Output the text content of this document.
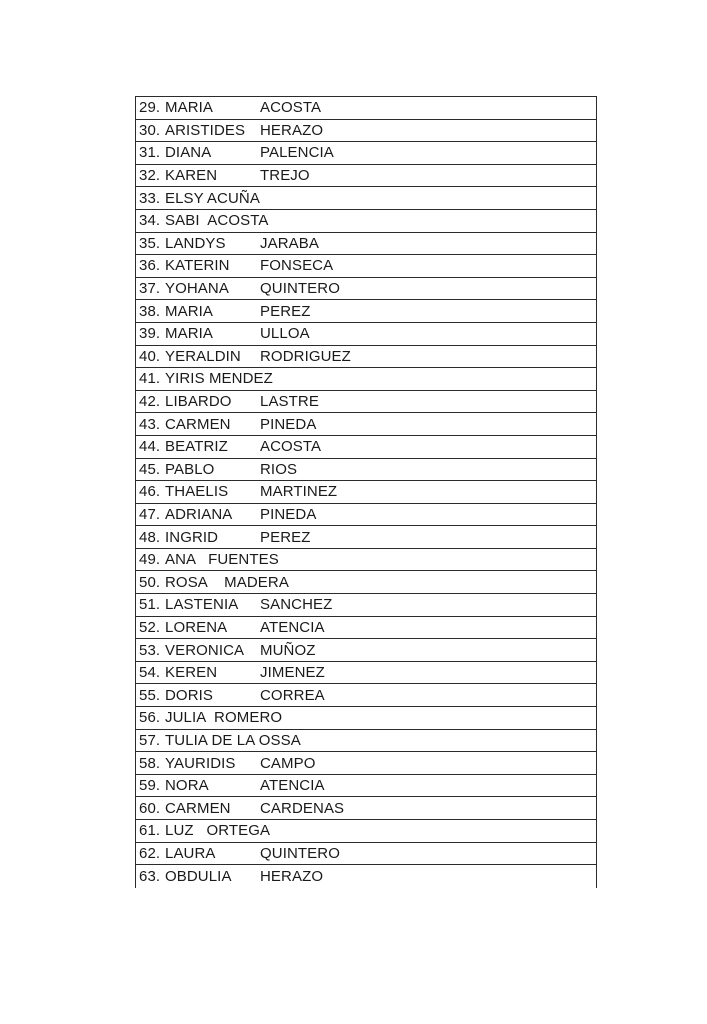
29. MARIA	ACOSTA
30. ARISTIDES HERAZO
31. DIANA	PALENCIA
32. KAREN	TREJO
33. ELSY ACUÑA
34. SABI  ACOSTA
35. LANDYS JARABA
36. KATERIN FONSECA
37. YOHANA QUINTERO
38. MARIA	PEREZ
39. MARIA	ULLOA
40. YERALDIN RODRIGUEZ
41. YIRIS MENDEZ
42. LIBARDO LASTRE
43. CARMEN PINEDA
44. BEATRIZ ACOSTA
45. PABLO	RIOS
46. THAELIS MARTINEZ
47. ADRIANA PINEDA
48. INGRID	PEREZ
49. ANA   FUENTES
50. ROSA    MADERA
51. LASTENIA SANCHEZ
52. LORENA ATENCIA
53. VERONICA MUÑOZ
54. KEREN	JIMENEZ
55. DORIS	CORREA
56. JULIA  ROMERO
57. TULIA DE LA OSSA
58. YAURIDIS CAMPO
59. NORA	ATENCIA
60. CARMEN CARDENAS
61. LUZ   ORTEGA
62. LAURA	QUINTERO
63. OBDULIA HERAZO
